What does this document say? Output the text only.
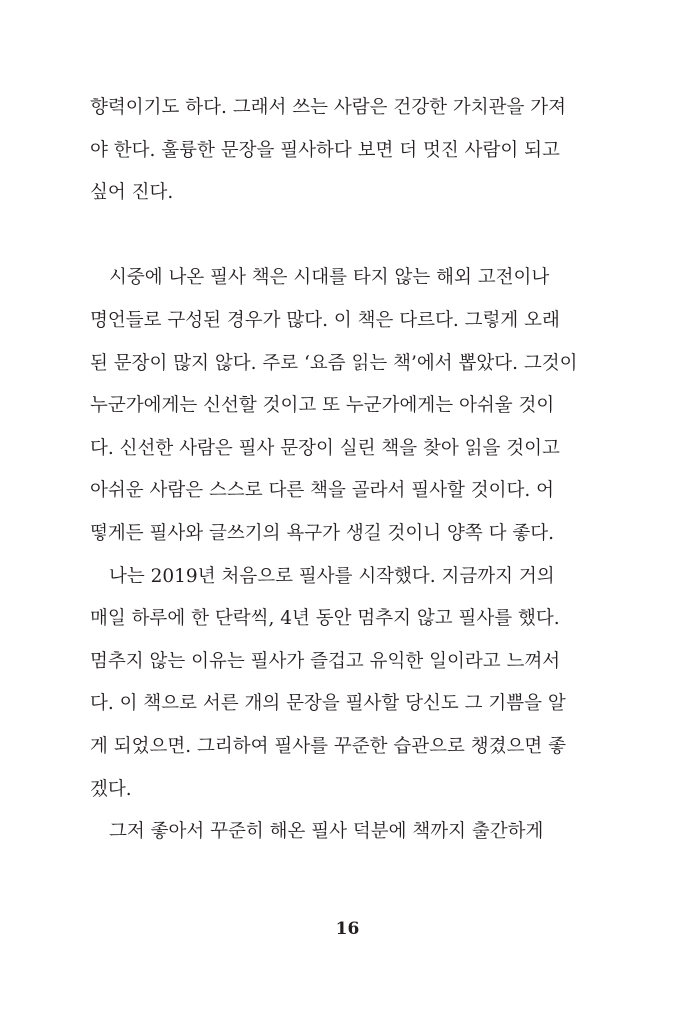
향력이기도 하다. 그래서 쓰는 사람은 건강한 가치관을 가져
야 한다. 훌륭한 문장을 필사하다 보면 더 멋진 사람이 되고
싶어 진다.
시중에 나온 필사 책은 시대를 타지 않는 해외 고전이나
명언들로 구성된 경우가 많다. 이 책은 다르다. 그렇게 오래
된 문장이 많지 않다. 주로 ‘요즘 읽는 책’에서 뽑았다. 그것이
누군가에게는 신선할 것이고 또 누군가에게는 아쉬울 것이
다. 신선한 사람은 필사 문장이 실린 책을 찾아 읽을 것이고
아쉬운 사람은 스스로 다른 책을 골라서 필사할 것이다. 어
떻게든 필사와 글쓰기의 욕구가 생길 것이니 양쪽 다 좋다.
나는 2019년 처음으로 필사를 시작했다. 지금까지 거의
매일 하루에 한 단락씩, 4년 동안 멈추지 않고 필사를 했다.
멈추지 않는 이유는 필사가 즐겁고 유익한 일이라고 느껴서
다. 이 책으로 서른 개의 문장을 필사할 당신도 그 기쁨을 알
게 되었으면. 그리하여 필사를 꾸준한 습관으로 챙겼으면 좋
겠다.
그저 좋아서 꾸준히 해온 필사 덕분에 책까지 출간하게
16
